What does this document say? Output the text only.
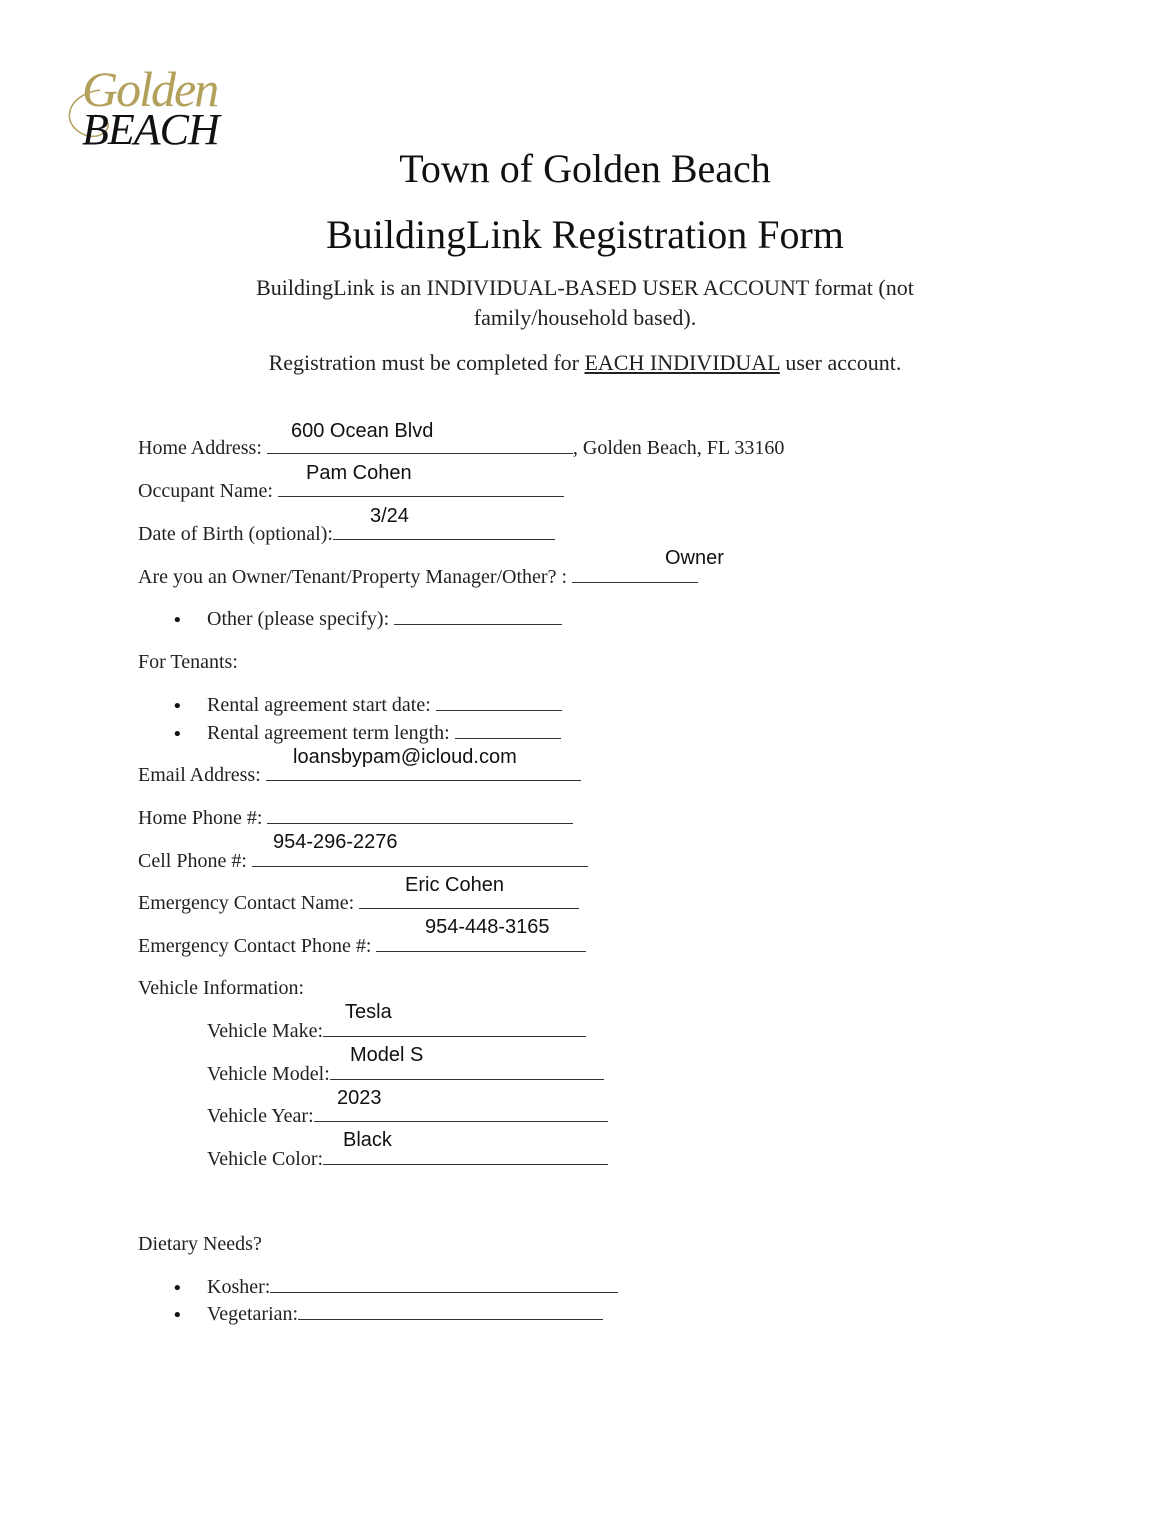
Golden
BEACH
Town of Golden Beach
BuildingLink Registration Form
BuildingLink is an INDIVIDUAL-BASED USER ACCOUNT format (not
family/household based).
Registration must be completed for EACH INDIVIDUAL user account.
Home Address:	, Golden Beach, FL 33160
600 Ocean Blvd
Occupant Name:
Pam Cohen
Date of Birth (optional):
3/24
Are you an Owner/Tenant/Property Manager/Other? :
Owner
• Other (please specify):
For Tenants:
• Rental agreement start date:
• Rental agreement term length:
Email Address:
loansbypam@icloud.com
Home Phone #:
Cell Phone #:
954-296-2276
Emergency Contact Name:
Eric Cohen
Emergency Contact Phone #:
954-448-3165
Vehicle Information:
Vehicle Make:
Tesla
Vehicle Model:
Model S
Vehicle Year:
2023
Vehicle Color:
Black
Dietary Needs?
• Kosher:
• Vegetarian:
